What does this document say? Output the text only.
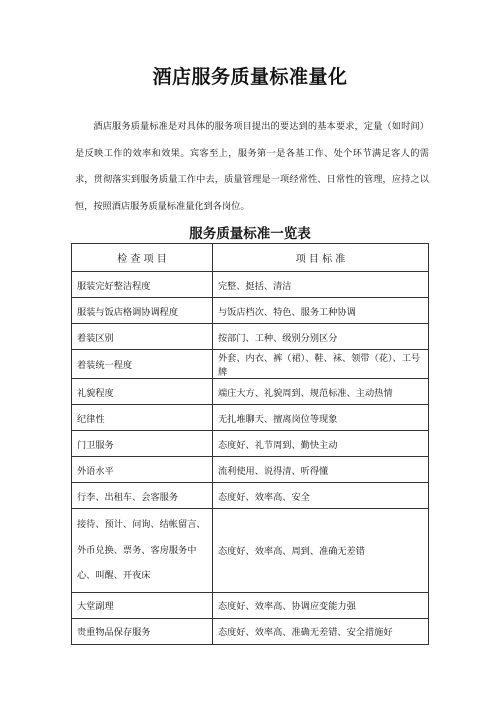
酒店服务质量标准量化

酒店服务质量标准是对具体的服务项目提出的要达到的基本要求，定量（如时间）是反映工作的效率和效果。宾客至上，服务第一是各基工作、处个环节满足客人的需求，贯彻落实到服务质量工作中去，质量管理是一项经常性、日常性的管理，应持之以恒，按照酒店服务质量标准量化到各岗位。

服务质量标准一览表
检 查 项 目	项 目 标 准
服装完好整洁程度	完整、挺括、清洁
服装与饭店格调协调程度	与饭店档次、特色、服务工种协调
着装区别	按部门、工种、级别分别区分
着装统一程度	外套、内衣、裤（裙）、鞋、袜、领带（花）、工号牌
礼貌程度	端庄大方、礼貌周到、规范标准、主动热情
纪律性	无扎堆聊天、擅离岗位等现象
门卫服务	态度好、礼节周到、勤快主动
外语水平	流利使用、说得清、听得懂
行李、出租车、会客服务	态度好、效率高、安全
接待、预计、问询、结帐留言、外币兑换、票务、客房服务中心、叫醒、开夜床	态度好、效率高、周到、准确无差错
大堂副理	态度好、效率高、协调应变能力强
贵重物品保存服务	态度好、效率高、准确无差错、安全措施好
